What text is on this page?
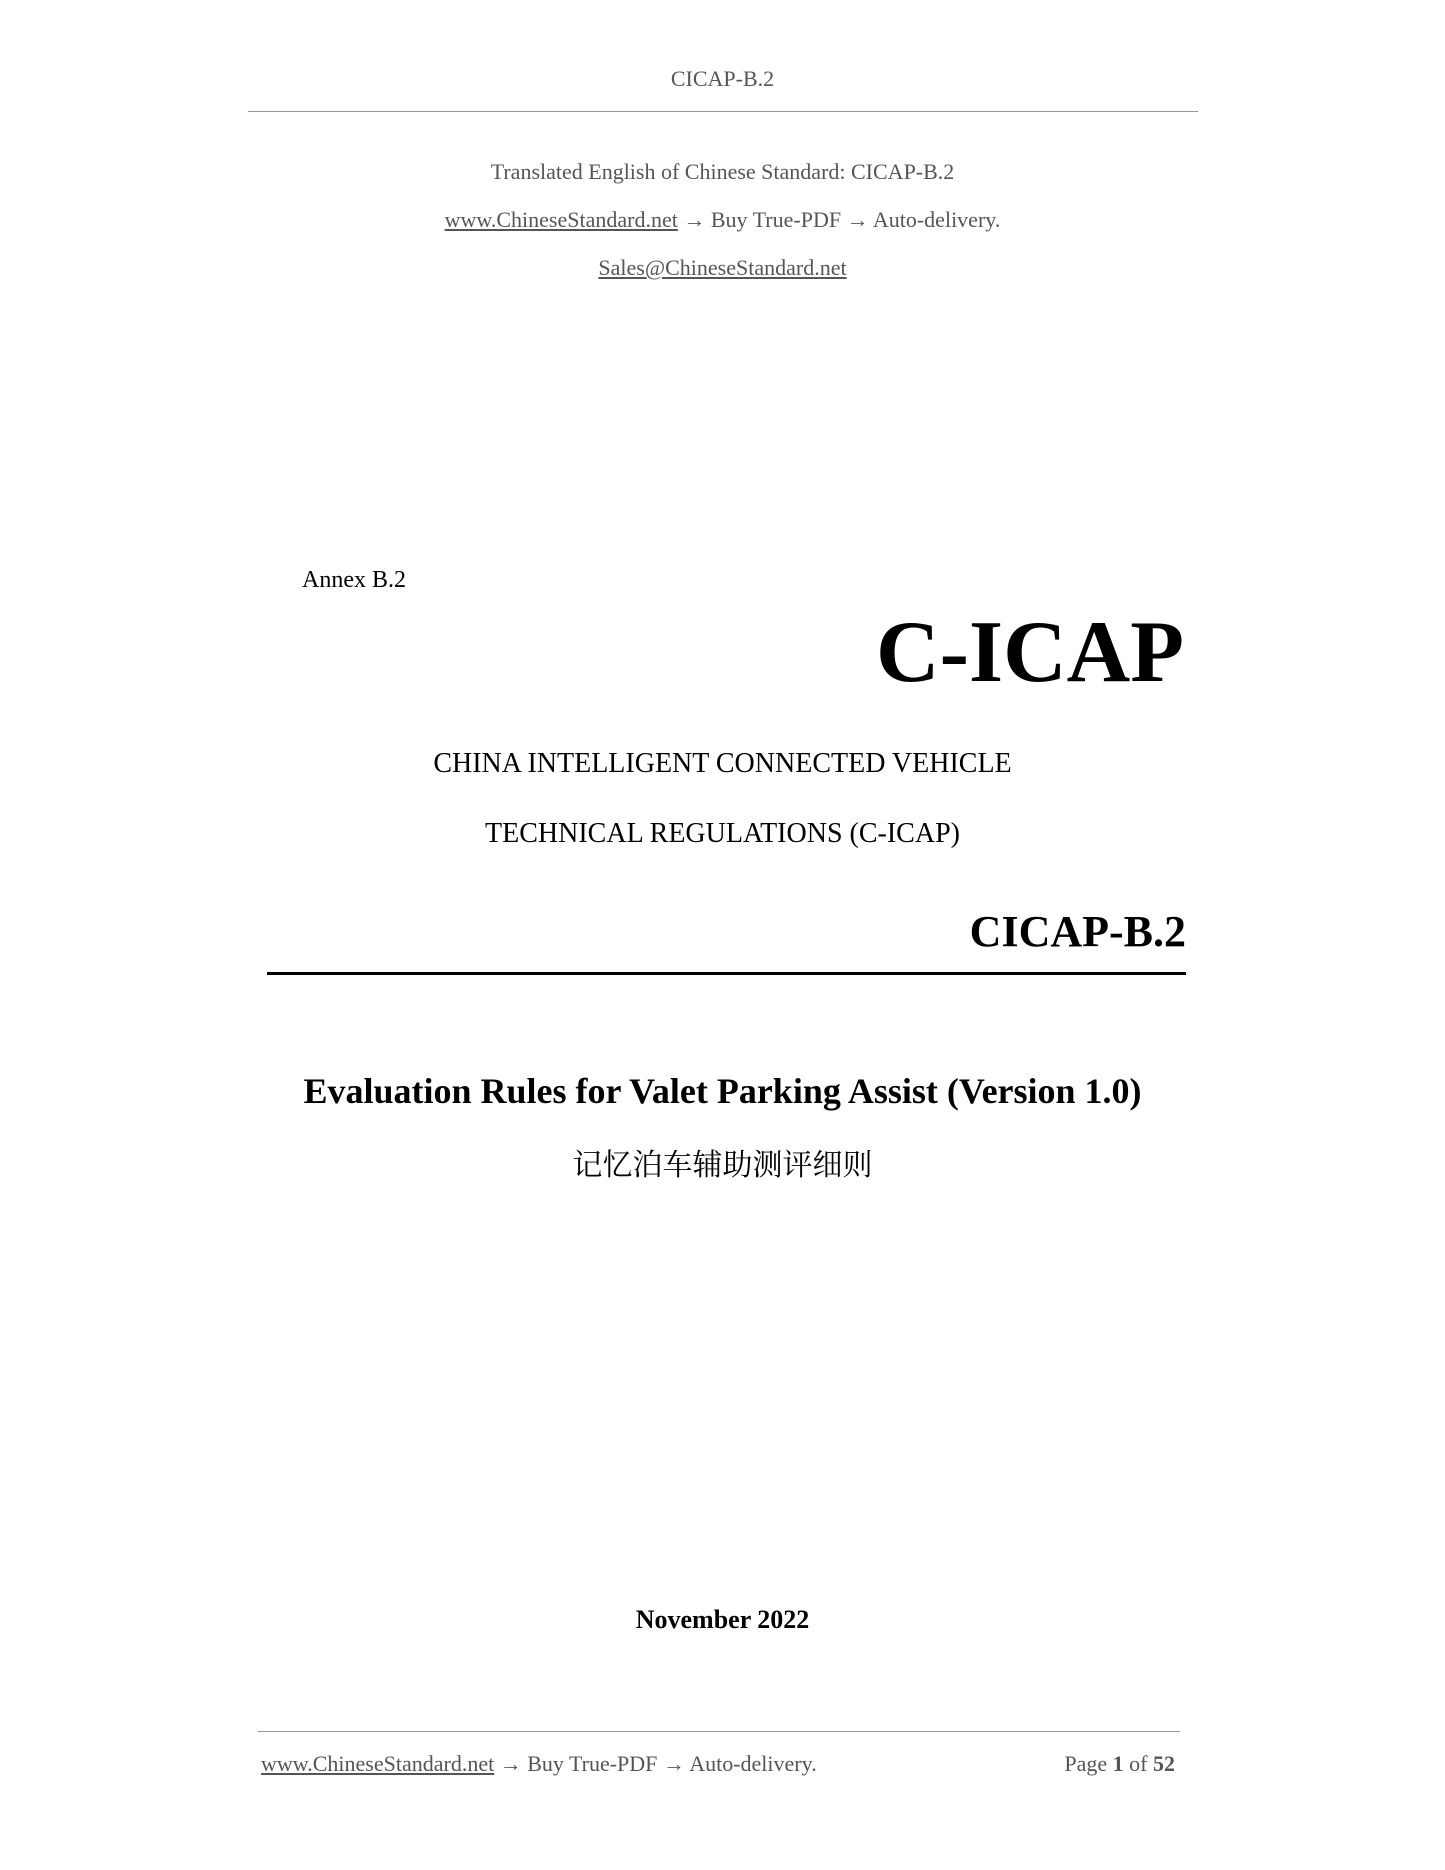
CICAP-B.2
Translated English of Chinese Standard: CICAP-B.2
www.ChineseStandard.net → Buy True-PDF → Auto-delivery.
Sales@ChineseStandard.net
Annex B.2
C-ICAP
CHINA INTELLIGENT CONNECTED VEHICLE
TECHNICAL REGULATIONS (C-ICAP)
CICAP-B.2
Evaluation Rules for Valet Parking Assist (Version 1.0)
记忆泊车辅助测评细则
November 2022
www.ChineseStandard.net → Buy True-PDF → Auto-delivery.	Page 1 of 52
